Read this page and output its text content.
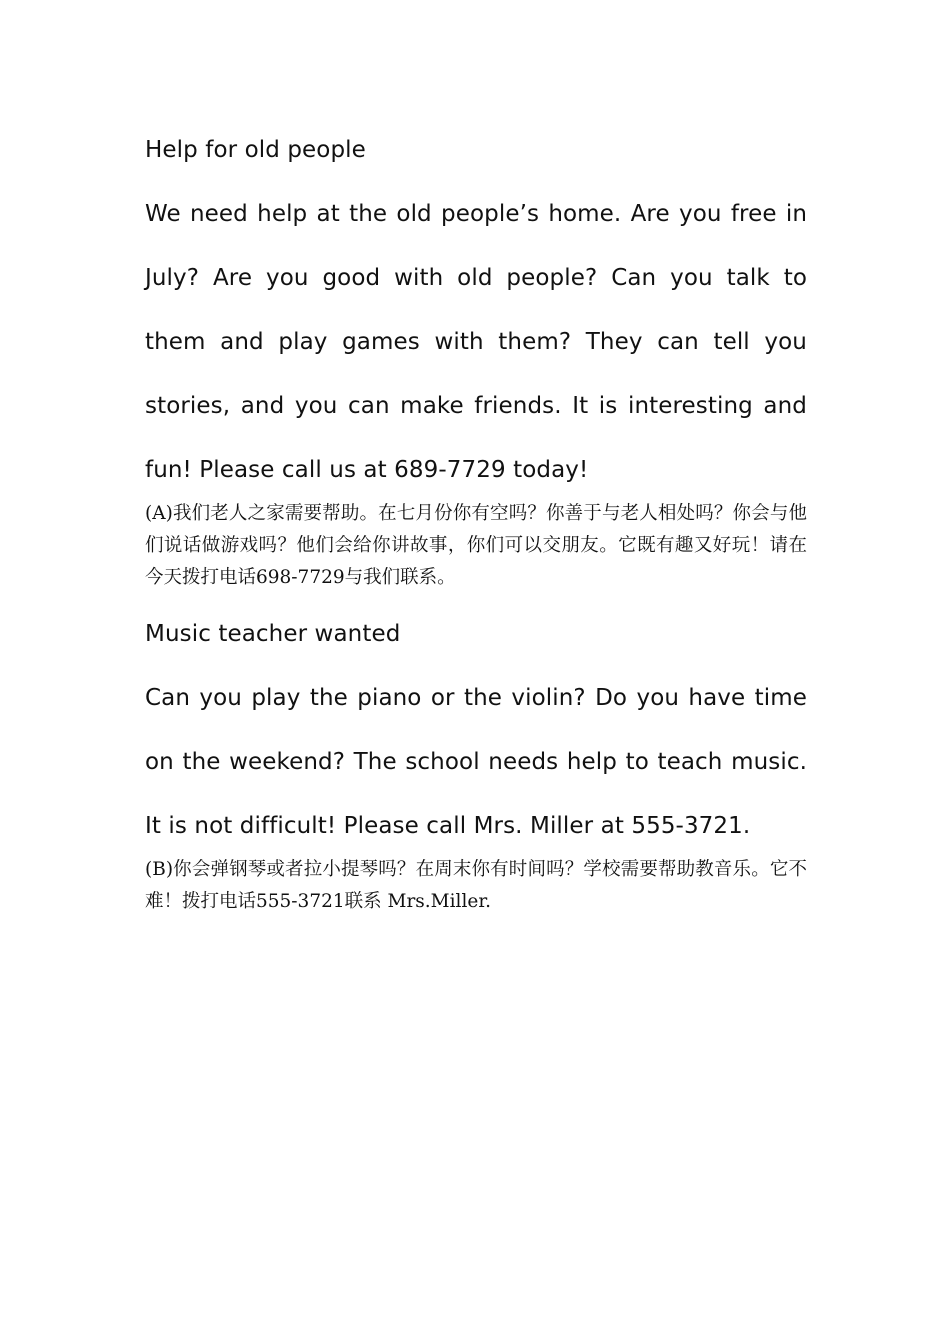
Help for old people

We need help at the old people’s home. Are you free in July? Are you good with old people? Can you talk to them and play games with them? They can tell you stories, and you can make friends. It is interesting and fun! Please call us at 689-7729 today!

(A)我们老人之家需要帮助。在七月份你有空吗？你善于与老人相处吗？你会与他们说话做游戏吗？他们会给你讲故事，你们可以交朋友。它既有趣又好玩！请在今天拨打电话698-7729与我们联系。

Music teacher wanted

Can you play the piano or the violin? Do you have time on the weekend? The school needs help to teach music. It is not difficult! Please call Mrs. Miller at 555-3721.

(B)你会弹钢琴或者拉小提琴吗？在周末你有时间吗？学校需要帮助教音乐。它不难！拨打电话555-3721联系 Mrs.Miller.
